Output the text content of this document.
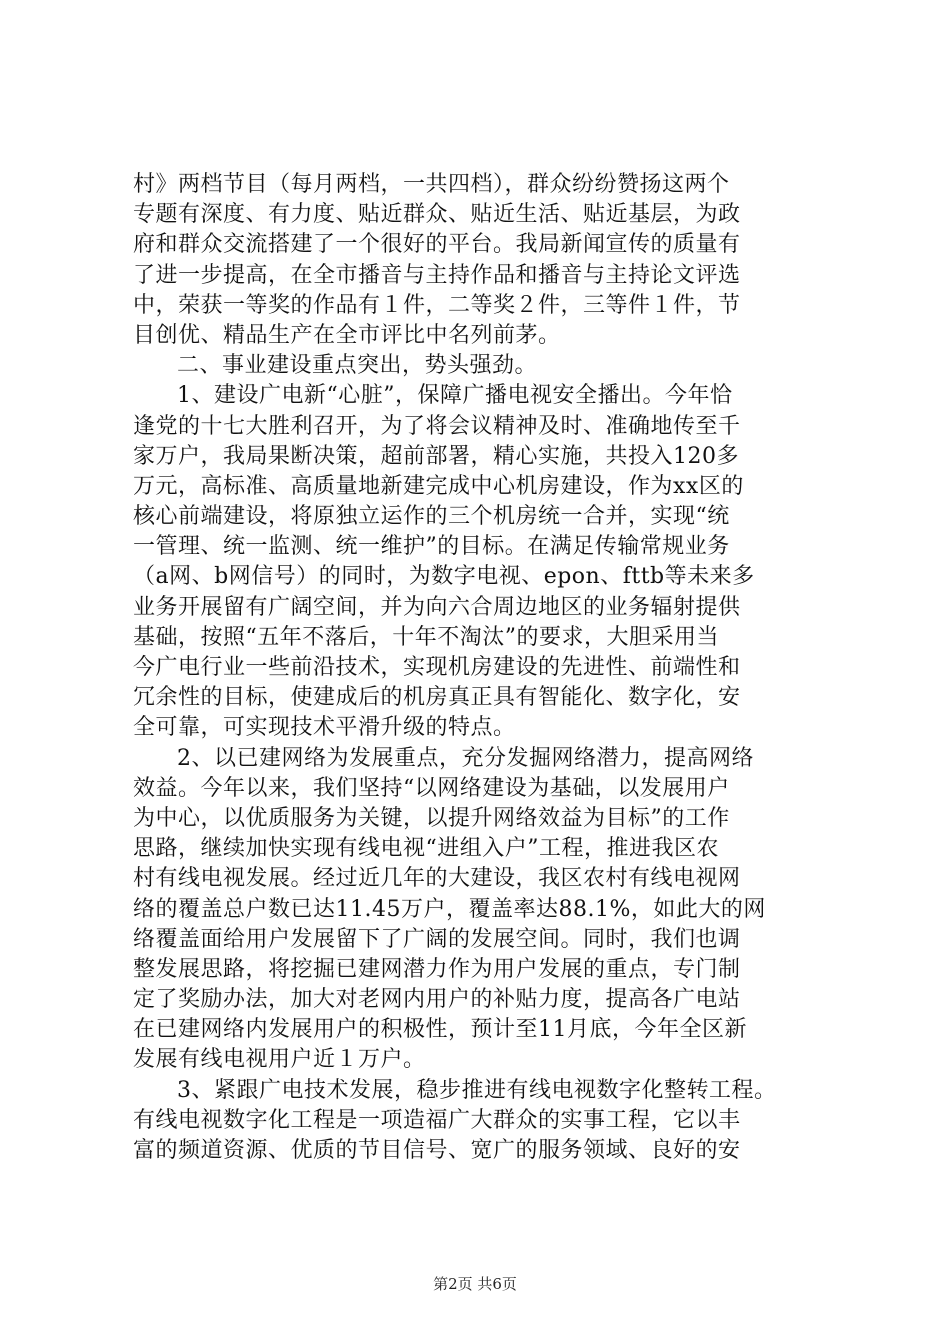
村》两档节目（每月两档，一共四档），群众纷纷赞扬这两个
专题有深度、有力度、贴近群众、贴近生活、贴近基层，为政
府和群众交流搭建了一个很好的平台。我局新闻宣传的质量有
了进一步提高，在全市播音与主持作品和播音与主持论文评选
中，荣获一等奖的作品有１件，二等奖２件，三等件１件，节
目创优、精品生产在全市评比中名列前茅。
二、事业建设重点突出，势头强劲。
1、建设广电新“心脏”，保障广播电视安全播出。今年恰
逢党的十七大胜利召开，为了将会议精神及时、准确地传至千
家万户，我局果断决策，超前部署，精心实施，共投入120多
万元，高标准、高质量地新建完成中心机房建设，作为xx区的
核心前端建设，将原独立运作的三个机房统一合并，实现“统
一管理、统一监测、统一维护”的目标。在满足传输常规业务
（a网、b网信号）的同时，为数字电视、epon、fttb等未来多
业务开展留有广阔空间，并为向六合周边地区的业务辐射提供
基础，按照“五年不落后，十年不淘汰”的要求，大胆采用当
今广电行业一些前沿技术，实现机房建设的先进性、前端性和
冗余性的目标，使建成后的机房真正具有智能化、数字化，安
全可靠，可实现技术平滑升级的特点。
2、以已建网络为发展重点，充分发掘网络潜力，提高网络
效益。今年以来，我们坚持“以网络建设为基础，以发展用户
为中心，以优质服务为关键，以提升网络效益为目标”的工作
思路，继续加快实现有线电视“进组入户”工程，推进我区农
村有线电视发展。经过近几年的大建设，我区农村有线电视网
络的覆盖总户数已达11.45万户，覆盖率达88.1%，如此大的网
络覆盖面给用户发展留下了广阔的发展空间。同时，我们也调
整发展思路，将挖掘已建网潜力作为用户发展的重点，专门制
定了奖励办法，加大对老网内用户的补贴力度，提高各广电站
在已建网络内发展用户的积极性，预计至11月底，今年全区新
发展有线电视用户近１万户。
3、紧跟广电技术发展，稳步推进有线电视数字化整转工程。
有线电视数字化工程是一项造福广大群众的实事工程，它以丰
富的频道资源、优质的节目信号、宽广的服务领域、良好的安
第2页 共6页
